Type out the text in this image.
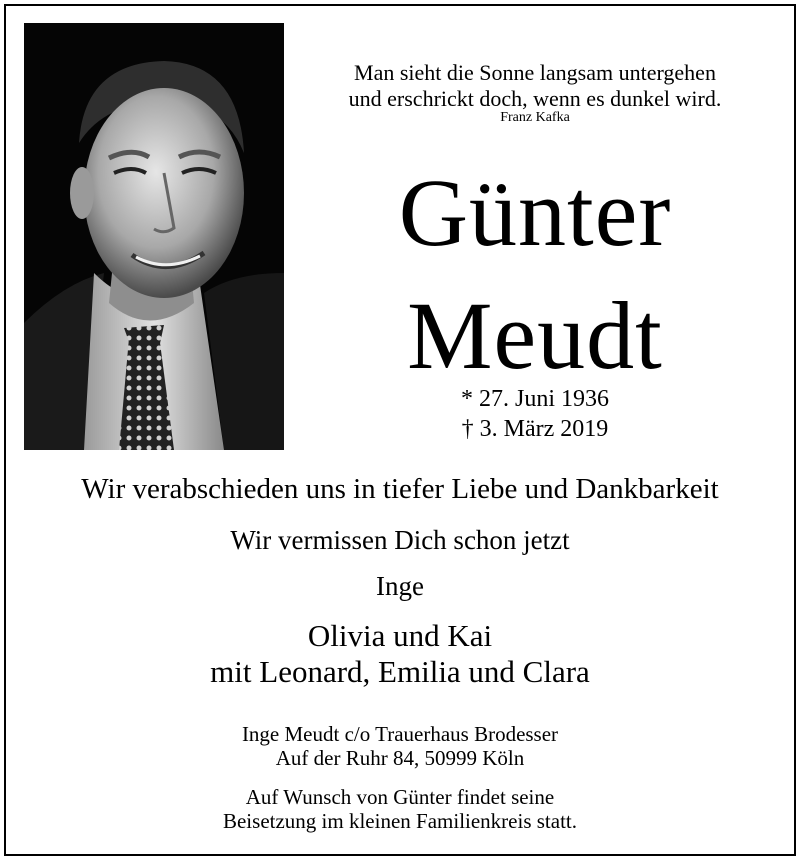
Man sieht die Sonne langsam untergehen
und erschrickt doch, wenn es dunkel wird.
Franz Kafka
Günter
Meudt
* 27. Juni 1936
† 3. März 2019
Wir verabschieden uns in tiefer Liebe und Dankbarkeit
Wir vermissen Dich schon jetzt
Inge
Olivia und Kai
mit Leonard, Emilia und Clara
Inge Meudt c/o Trauerhaus Brodesser
Auf der Ruhr 84, 50999 Köln
Auf Wunsch von Günter findet seine
Beisetzung im kleinen Familienkreis statt.
